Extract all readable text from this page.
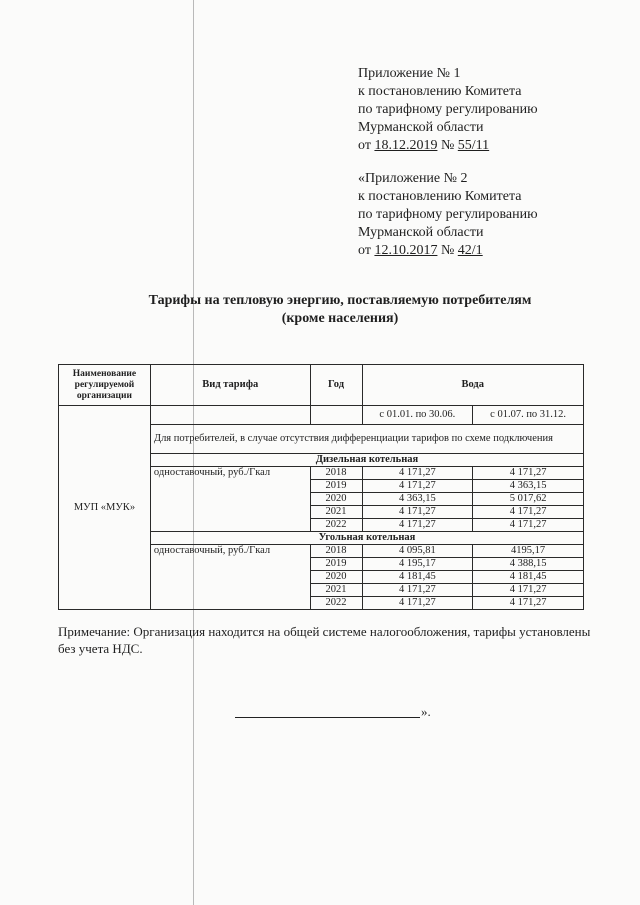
Приложение № 1
к постановлению Комитета
по тарифному регулированию
Мурманской области
от 18.12.2019 № 55/11
«Приложение № 2
к постановлению Комитета
по тарифному регулированию
Мурманской области
от 12.10.2017 № 42/1
Тарифы на тепловую энергию, поставляемую потребителям
(кроме населения)
Наименование регулируемой организации	Вид тарифа	Год	Вода	
МУП «МУК»			с 01.01. по 30.06.	с 01.07. по 31.12.
	Для потребителей, в случае отсутствия дифференциации тарифов по схеме подключения			
	Дизельная котельная			
	одноставочный, руб./Гкал	2018	4 171,27	4 171,27
		2019	4 171,27	4 363,15
		2020	4 363,15	5 017,62
		2021	4 171,27	4 171,27
		2022	4 171,27	4 171,27
	Угольная котельная			
	одноставочный, руб./Гкал	2018	4 095,81	4195,17
		2019	4 195,17	4 388,15
		2020	4 181,45	4 181,45
		2021	4 171,27	4 171,27
		2022	4 171,27	4 171,27
Примечание: Организация находится на общей системе налогообложения, тарифы установлены без учета НДС.
».
